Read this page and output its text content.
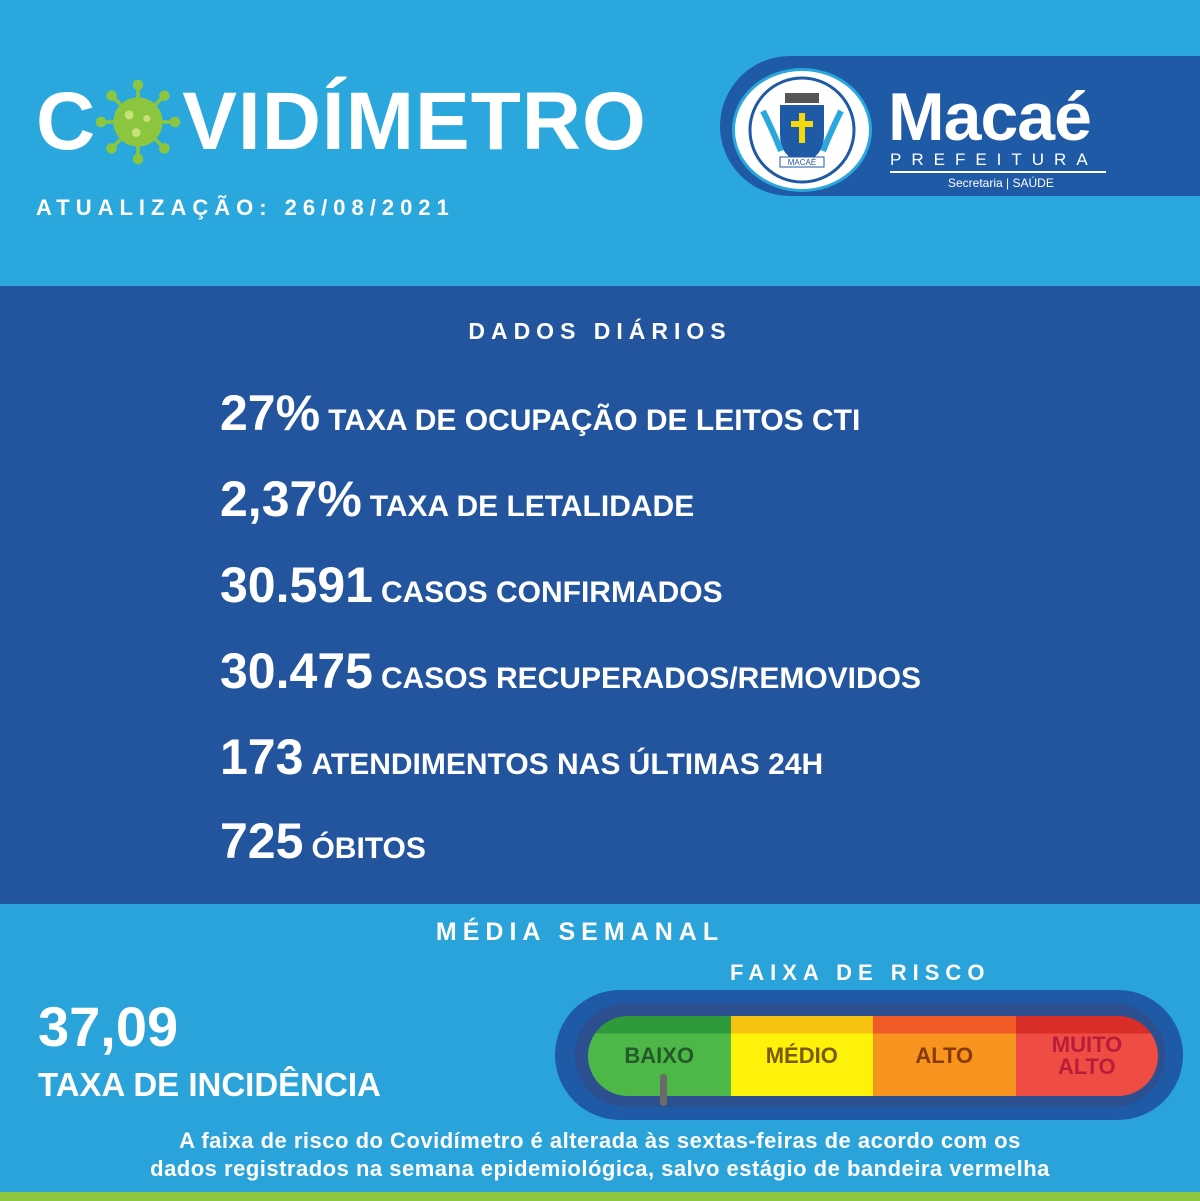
C VIDÍMETRO
ATUALIZAÇÃO: 26/08/2021
MACAÉ
Macaé
PREFEITURA
Secretaria | SAÚDE
DADOS DIÁRIOS
27% TAXA DE OCUPAÇÃO DE LEITOS CTI
2,37% TAXA DE LETALIDADE
30.591 CASOS CONFIRMADOS
30.475 CASOS RECUPERADOS/REMOVIDOS
173 ATENDIMENTOS NAS ÚLTIMAS 24H
725 ÓBITOS
MÉDIA SEMANAL
FAIXA DE RISCO
37,09
TAXA DE INCIDÊNCIA
BAIXO	MÉDIO	ALTO	MUITO ALTO
A faixa de risco do Covidímetro é alterada às sextas-feiras de acordo com os
dados registrados na semana epidemiológica, salvo estágio de bandeira vermelha
